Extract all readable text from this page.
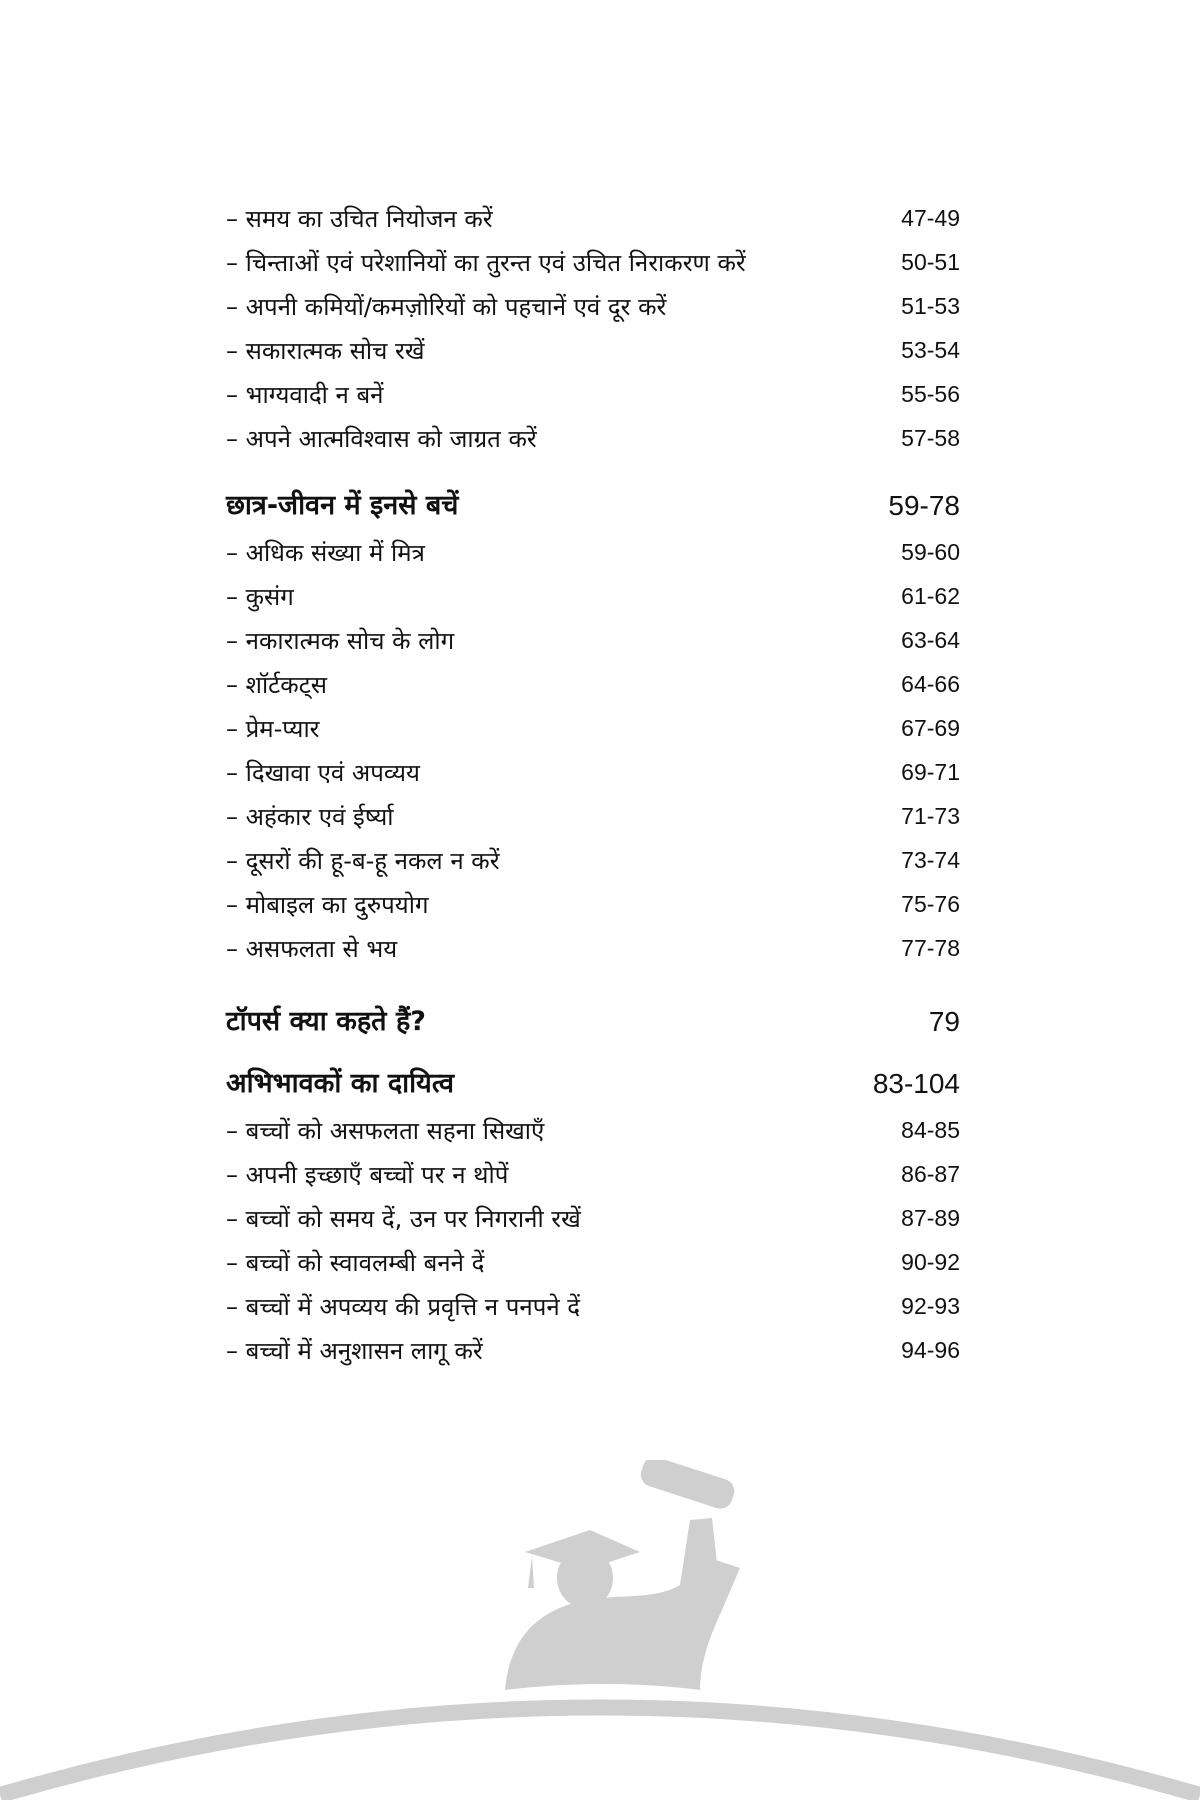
– समय का उचित नियोजन करें	47-49
– चिन्ताओं एवं परेशानियों का तुरन्त एवं उचित निराकरण करें	50-51
– अपनी कमियों/कमज़ोरियों को पहचानें एवं दूर करें	51-53
– सकारात्मक सोच रखें	53-54
– भाग्यवादी न बनें	55-56
– अपने आत्मविश्वास को जाग्रत करें	57-58
छात्र-जीवन में इनसे बचें	59-78
– अधिक संख्या में मित्र	59-60
– कुसंग	61-62
– नकारात्मक सोच के लोग	63-64
– शॉर्टकट्स	64-66
– प्रेम-प्यार	67-69
– दिखावा एवं अपव्यय	69-71
– अहंकार एवं ईर्ष्या	71-73
– दूसरों की हू-ब-हू नकल न करें	73-74
– मोबाइल का दुरुपयोग	75-76
– असफलता से भय	77-78
टॉपर्स क्या कहते हैं?	79
अभिभावकों का दायित्व	83-104
– बच्चों को असफलता सहना सिखाएँ	84-85
– अपनी इच्छाएँ बच्चों पर न थोपें	86-87
– बच्चों को समय दें, उन पर निगरानी रखें	87-89
– बच्चों को स्वावलम्बी बनने दें	90-92
– बच्चों में अपव्यय की प्रवृत्ति न पनपने दें	92-93
– बच्चों में अनुशासन लागू करें	94-96
